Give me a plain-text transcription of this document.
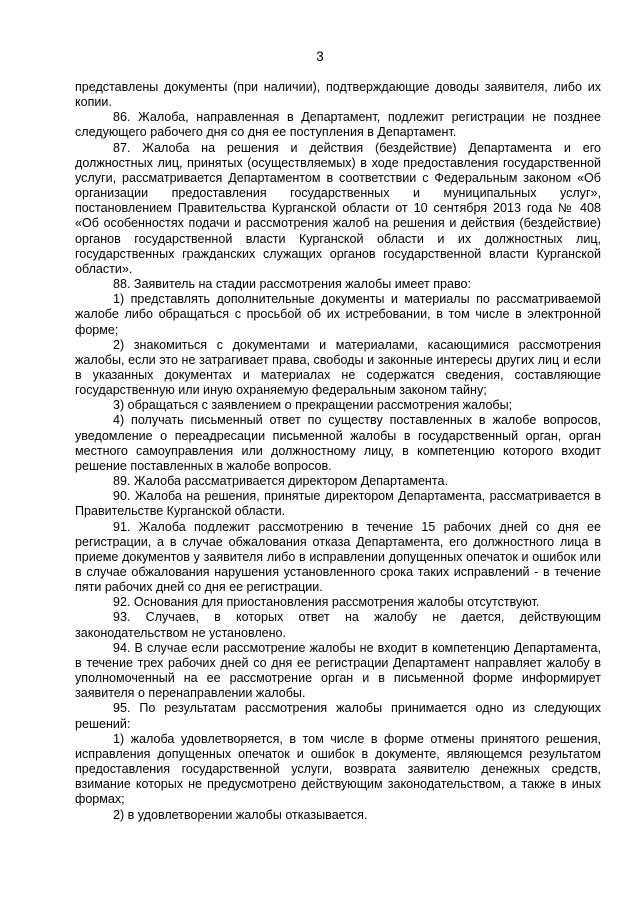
3

представлены документы (при наличии), подтверждающие доводы заявителя, либо их копии.

86. Жалоба, направленная в Департамент, подлежит регистрации не позднее следующего рабочего дня со дня ее поступления в Департамент.

87. Жалоба на решения и действия (бездействие) Департамента и его должностных лиц, принятых (осуществляемых) в ходе предоставления государственной услуги, рассматривается Департаментом в соответствии с Федеральным законом «Об организации предоставления государственных и муниципальных услуг», постановлением Правительства Курганской области от 10 сентября 2013 года № 408 «Об особенностях подачи и рассмотрения жалоб на решения и действия (бездействие) органов государственной власти Курганской области и их должностных лиц, государственных гражданских служащих органов государственной власти Курганской области».

88. Заявитель на стадии рассмотрения жалобы имеет право:

1) представлять дополнительные документы и материалы по рассматриваемой жалобе либо обращаться с просьбой об их истребовании, в том числе в электронной форме;

2) знакомиться с документами и материалами, касающимися рассмотрения жалобы, если это не затрагивает права, свободы и законные интересы других лиц и если в указанных документах и материалах не содержатся сведения, составляющие государственную или иную охраняемую федеральным законом тайну;

3) обращаться с заявлением о прекращении рассмотрения жалобы;

4) получать письменный ответ по существу поставленных в жалобе вопросов, уведомление о переадресации письменной жалобы в государственный орган, орган местного самоуправления или должностному лицу, в компетенцию которого входит решение поставленных в жалобе вопросов.

89. Жалоба рассматривается директором Департамента.

90. Жалоба на решения, принятые директором Департамента, рассматривается в Правительстве Курганской области.

91. Жалоба подлежит рассмотрению в течение 15 рабочих дней со дня ее регистрации, а в случае обжалования отказа Департамента, его должностного лица в приеме документов у заявителя либо в исправлении допущенных опечаток и ошибок или в случае обжалования нарушения установленного срока таких исправлений - в течение пяти рабочих дней со дня ее регистрации.

92. Основания для приостановления рассмотрения жалобы отсутствуют.

93. Случаев, в которых ответ на жалобу не дается, действующим законодательством не установлено.

94. В случае если рассмотрение жалобы не входит в компетенцию Департамента, в течение трех рабочих дней со дня ее регистрации Департамент направляет жалобу в уполномоченный на ее рассмотрение орган и в письменной форме информирует заявителя о перенаправлении жалобы.

95. По результатам рассмотрения жалобы принимается одно из следующих решений:

1) жалоба удовлетворяется, в том числе в форме отмены принятого решения, исправления допущенных опечаток и ошибок в документе, являющемся результатом предоставления государственной услуги, возврата заявителю денежных средств, взимание которых не предусмотрено действующим законодательством, а также в иных формах;

2) в удовлетворении жалобы отказывается.
